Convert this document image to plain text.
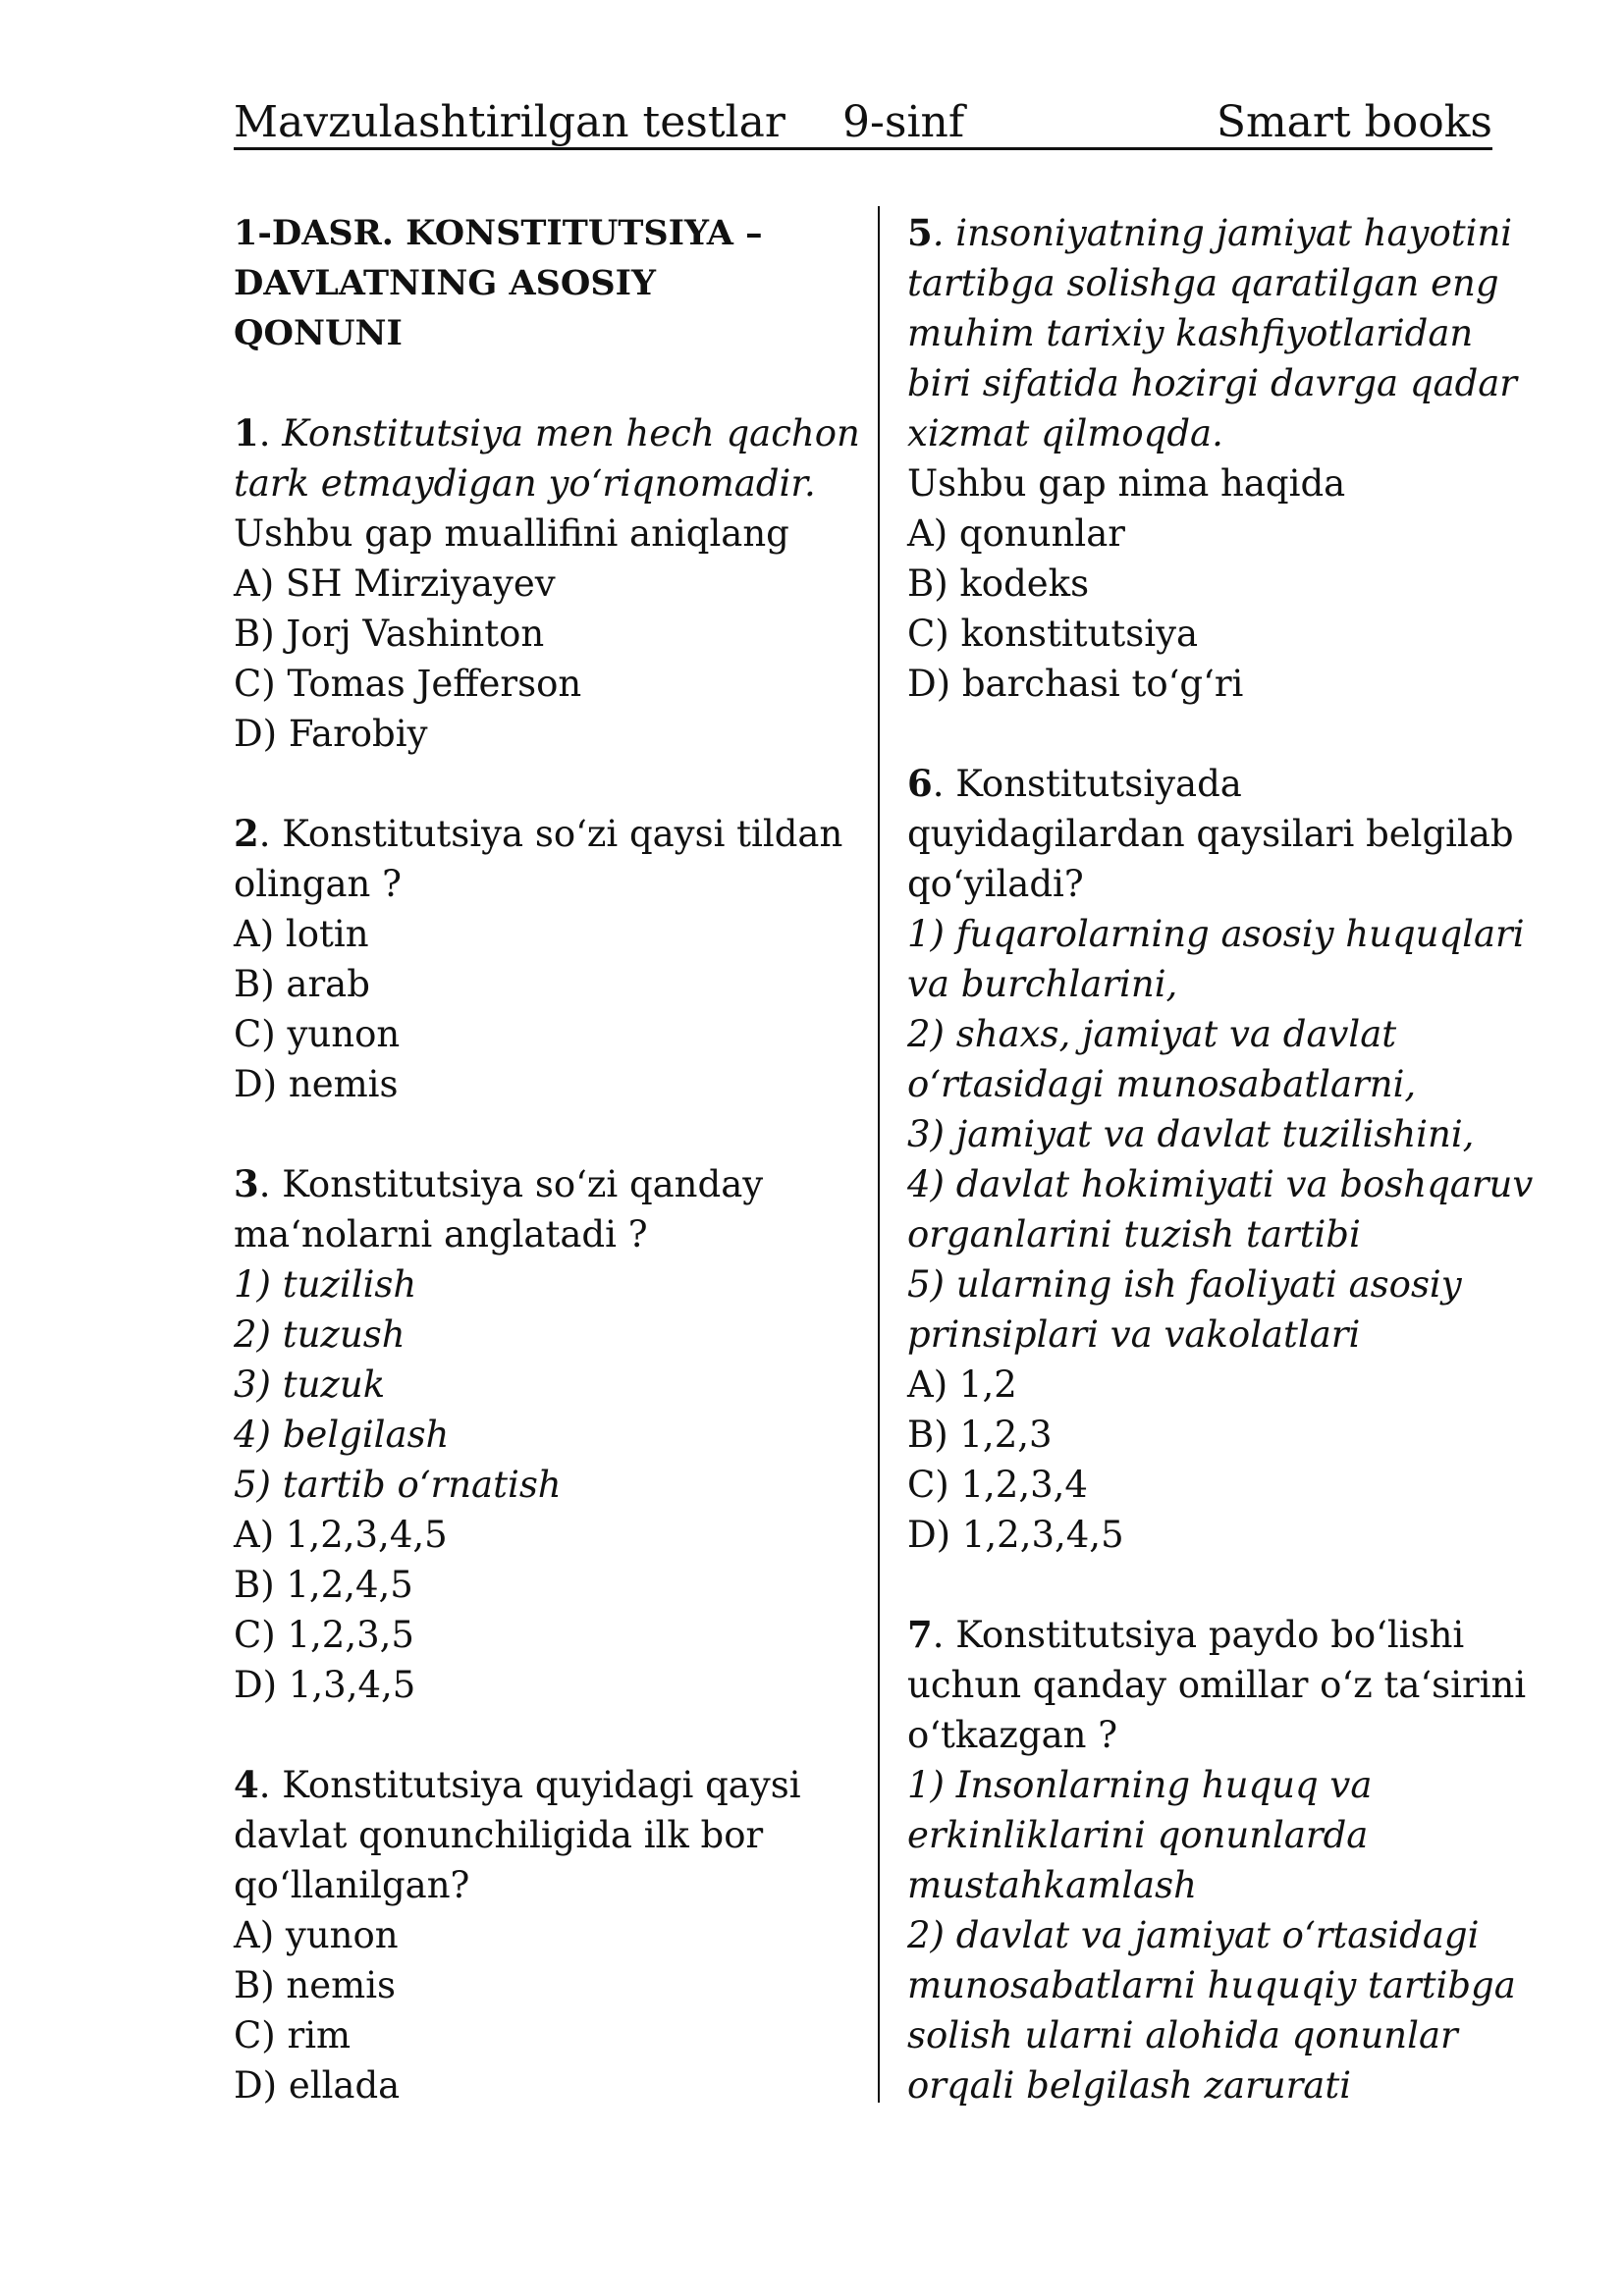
Mavzulashtirilgan testlar 9-sinf	Smart books
1-DASR. KONSTITUTSIYA –
DAVLATNING ASOSIY
QONUNI
1. Konstitutsiya men hech qachon
tark etmaydigan yo‘riqnomadir.
Ushbu gap muallifini aniqlang
A) SH Mirziyayev
B) Jorj Vashinton
C) Tomas Jefferson
D) Farobiy
2. Konstitutsiya so‘zi qaysi tildan
olingan ?
A) lotin
B) arab
C) yunon
D) nemis
3. Konstitutsiya so‘zi qanday
ma‘nolarni anglatadi ?
1) tuzilish
2) tuzush
3) tuzuk
4) belgilash
5) tartib o‘rnatish
A) 1,2,3,4,5
B) 1,2,4,5
C) 1,2,3,5
D) 1,3,4,5
4. Konstitutsiya quyidagi qaysi
davlat qonunchiligida ilk bor
qo‘llanilgan?
A) yunon
B) nemis
C) rim
D) ellada
5. insoniyatning jamiyat hayotini
tartibga solishga qaratilgan eng
muhim tarixiy kashfiyotlaridan
biri sifatida hozirgi davrga qadar
xizmat qilmoqda.
Ushbu gap nima haqida
A) qonunlar
B) kodeks
C) konstitutsiya
D) barchasi to‘g‘ri
6. Konstitutsiyada
quyidagilardan qaysilari belgilab
qo‘yiladi?
1) fuqarolarning asosiy huquqlari
va burchlarini,
2) shaxs, jamiyat va davlat
o‘rtasidagi munosabatlarni,
3) jamiyat va davlat tuzilishini,
4) davlat hokimiyati va boshqaruv
organlarini tuzish tartibi
5) ularning ish faoliyati asosiy
prinsiplari va vakolatlari
A) 1,2
B) 1,2,3
C) 1,2,3,4
D) 1,2,3,4,5
7. Konstitutsiya paydo bo‘lishi
uchun qanday omillar o‘z ta‘sirini
o‘tkazgan ?
1) Insonlarning huquq va
erkinliklarini qonunlarda
mustahkamlash
2) davlat va jamiyat o‘rtasidagi
munosabatlarni huquqiy tartibga
solish ularni alohida qonunlar
orqali belgilash zarurati
